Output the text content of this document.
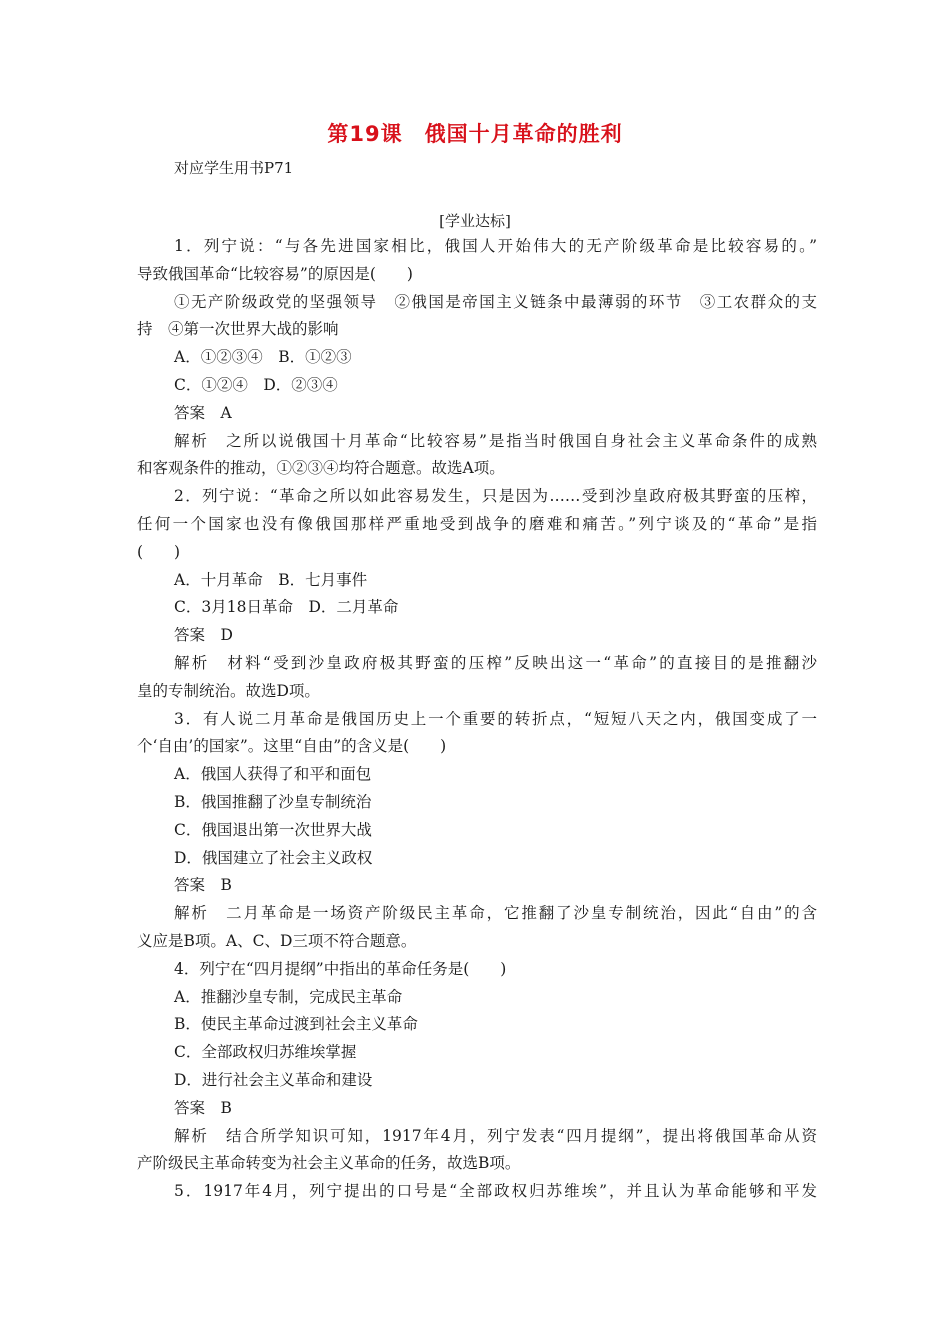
第19课　俄国十月革命的胜利
对应学生用书P71
[学业达标]
1．列宁说：“与各先进国家相比，俄国人开始伟大的无产阶级革命是比较容易的。”
导致俄国革命“比较容易”的原因是(　　)
①无产阶级政党的坚强领导　②俄国是帝国主义链条中最薄弱的环节　③工农群众的支
持　④第一次世界大战的影响
A．①②③④　B．①②③
C．①②④　D．②③④
答案　A
解析　之所以说俄国十月革命“比较容易”是指当时俄国自身社会主义革命条件的成熟
和客观条件的推动，①②③④均符合题意。故选A项。
2．列宁说：“革命之所以如此容易发生，只是因为……受到沙皇政府极其野蛮的压榨，
任何一个国家也没有像俄国那样严重地受到战争的磨难和痛苦。”列宁谈及的“革命”是指
(　　)
A．十月革命　B．七月事件
C．3月18日革命　D．二月革命
答案　D
解析　材料“受到沙皇政府极其野蛮的压榨”反映出这一“革命”的直接目的是推翻沙
皇的专制统治。故选D项。
3．有人说二月革命是俄国历史上一个重要的转折点，“短短八天之内，俄国变成了一
个‘自由’的国家”。这里“自由”的含义是(　　)
A．俄国人获得了和平和面包
B．俄国推翻了沙皇专制统治
C．俄国退出第一次世界大战
D．俄国建立了社会主义政权
答案　B
解析　二月革命是一场资产阶级民主革命，它推翻了沙皇专制统治，因此“自由”的含
义应是B项。A、C、D三项不符合题意。
4．列宁在“四月提纲”中指出的革命任务是(　　)
A．推翻沙皇专制，完成民主革命
B．使民主革命过渡到社会主义革命
C．全部政权归苏维埃掌握
D．进行社会主义革命和建设
答案　B
解析　结合所学知识可知，1917年4月，列宁发表“四月提纲”，提出将俄国革命从资
产阶级民主革命转变为社会主义革命的任务，故选B项。
5．1917年4月，列宁提出的口号是“全部政权归苏维埃”，并且认为革命能够和平发
